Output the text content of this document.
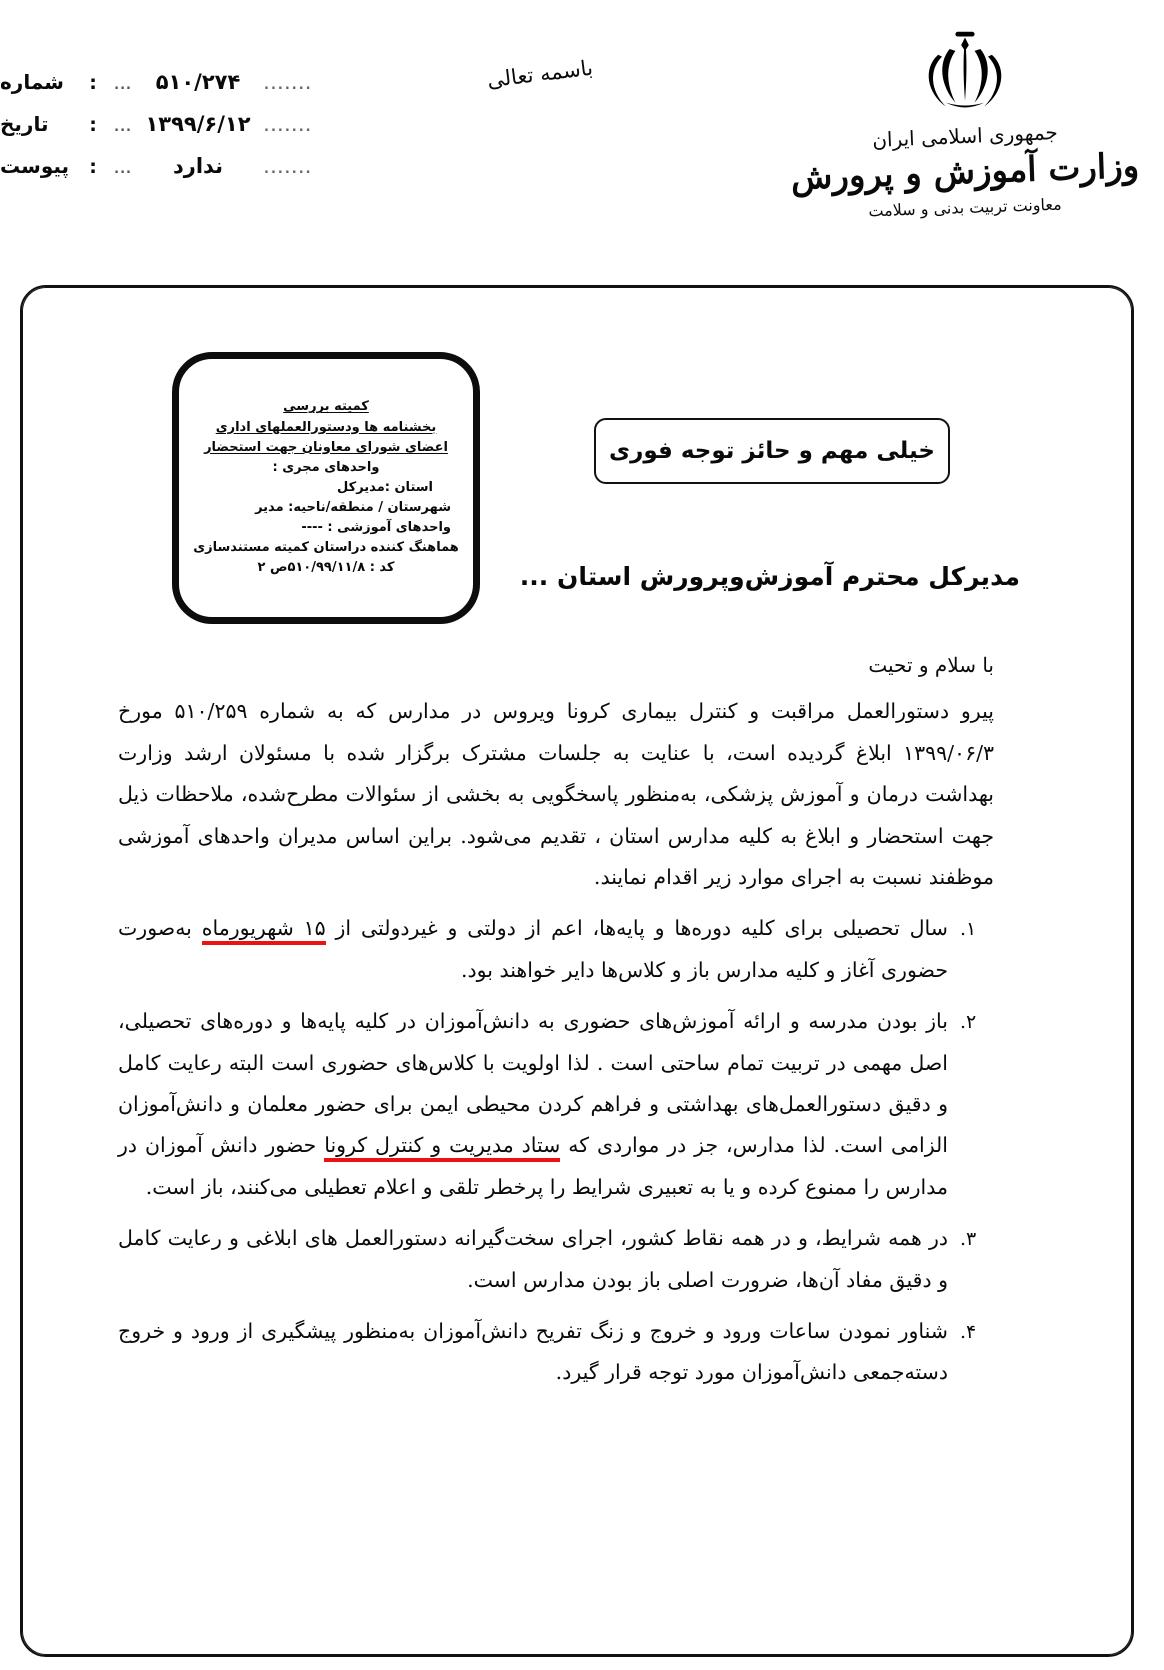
.......
۵۱۰/۲۷۴
...
:
شماره
.......
۱۳۹۹/۶/۱۲
...
:
تاریخ
.......
ندارد
...
:
پیوست
باسمه تعالی
جمهوری اسلامی ایران
وزارت آموزش و پرورش
معاونت تربیت بدنی و سلامت
کمیته بررسی
بخشنامه ها ودستورالعملهای اداری
اعضای شورای معاونان جهت استحضار
واحدهای مجری :
استان :مدیرکل
شهرستان / منطقه/ناحیه: مدیر
واحدهای آموزشی : ----
هماهنگ کننده دراستان کمیته مستندسازی
کد : ۵۱۰/۹۹/۱۱/۸ص ۲
خیلی مهم و حائز توجه فوری
مدیرکل محترم آموزش‌وپرورش استان ...
با سلام و تحیت

پیرو دستورالعمل مراقبت و کنترل بیماری کرونا ویروس در مدارس که به شماره ۵۱۰/۲۵۹ مورخ ۱۳۹۹/۰۶/۳ ابلاغ گردیده است، با عنایت به جلسات مشترک برگزار شده با مسئولان ارشد وزارت بهداشت درمان و آموزش پزشکی، به‌منظور پاسخگویی به بخشی از سئوالات مطرح‌شده، ملاحظات ذیل جهت استحضار و ابلاغ به کلیه مدارس استان ، تقدیم می‌شود. براین اساس مدیران واحدهای آموزشی موظفند نسبت به اجرای موارد زیر اقدام نمایند.

۱.
سال تحصیلی برای کلیه دوره‌ها و پایه‌ها، اعم از دولتی و غیردولتی از ۱۵ شهریورماه به‌صورت حضوری آغاز و کلیه مدارس باز و کلاس‌ها دایر خواهند بود.
۲.
باز بودن مدرسه و ارائه آموزش‌های حضوری به دانش‌آموزان در کلیه پایه‌ها و دوره‌های تحصیلی، اصل مهمی در تربیت تمام ساحتی است . لذا اولویت با کلاس‌های حضوری است البته رعایت کامل و دقیق دستورالعمل‌های بهداشتی و فراهم کردن محیطی ایمن برای حضور معلمان و دانش‌آموزان الزامی است. لذا مدارس، جز در مواردی که ستاد مدیریت و کنترل کرونا حضور دانش آموزان در مدارس را ممنوع کرده و یا به تعبیری شرایط را پرخطر تلقی و اعلام تعطیلی می‌کنند، باز است.
۳.
در همه شرایط، و در همه نقاط کشور، اجرای سخت‌گیرانه دستورالعمل های ابلاغی و رعایت کامل و دقیق مفاد آن‌ها، ضرورت اصلی باز بودن مدارس است.
۴.
شناور نمودن ساعات ورود و خروج و زنگ تفریح دانش‌آموزان به‌منظور پیشگیری از ورود و خروج دسته‌جمعی دانش‌آموزان مورد توجه قرار گیرد.
